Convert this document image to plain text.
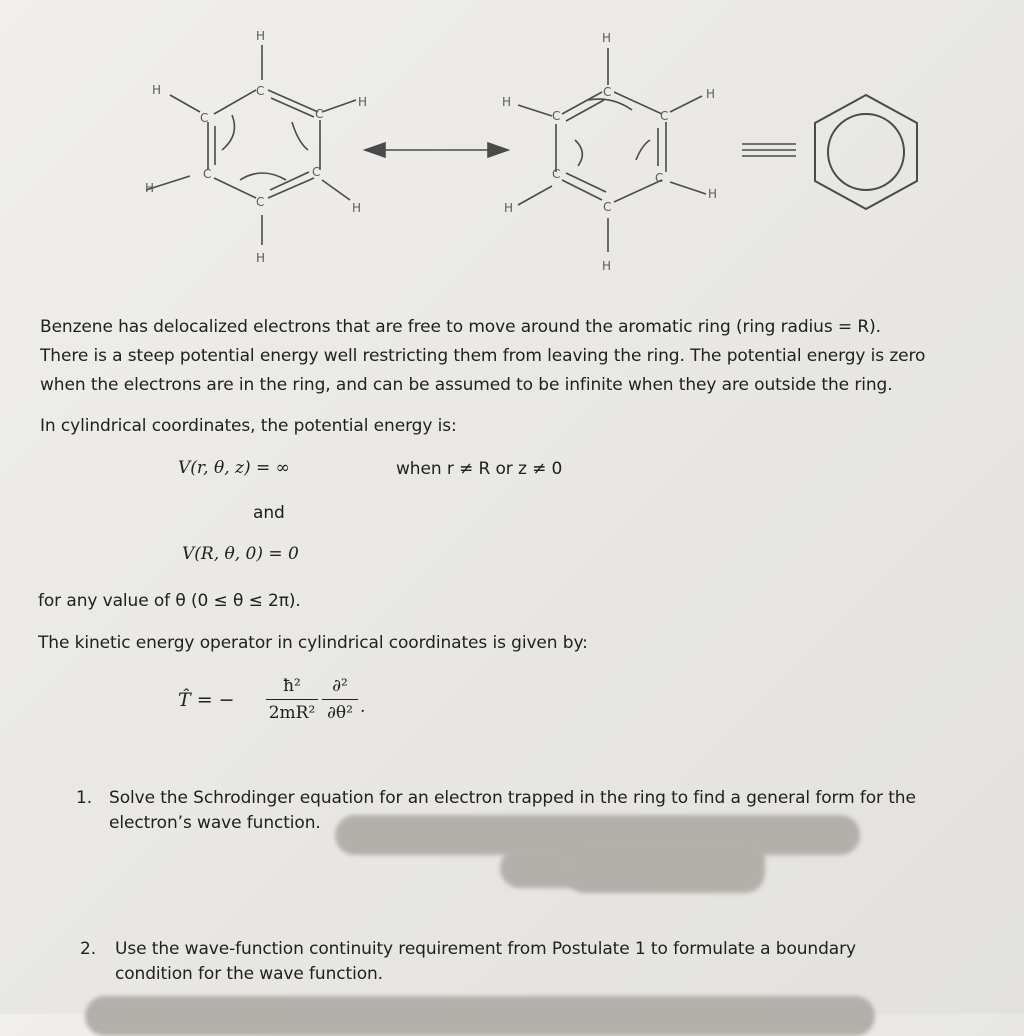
H
H
H
H
H
H
C
C
C
C
C
C
H
H
H
H
H
H
C
C
C
C
C
C
Benzene has delocalized electrons that are free to move around the aromatic ring (ring radius = R).
There is a steep potential energy well restricting them from leaving the ring. The potential energy is zero
when the electrons are in the ring, and can be assumed to be infinite when they are outside the ring.
In cylindrical coordinates, the potential energy is:
V(r, θ, z) = ∞	when r ≠ R or z ≠ 0
and
V(R, θ, 0) = 0
for any value of θ (0 ≤ θ ≤ 2π).
The kinetic energy operator in cylindrical coordinates is given by:
T̂ = −
ħ²
2mR²
∂²
∂θ² .
1. Solve the Schrodinger equation for an electron trapped in the ring to find a general form for the
electron’s wave function.
2. Use the wave-function continuity requirement from Postulate 1 to formulate a boundary
condition for the wave function.
